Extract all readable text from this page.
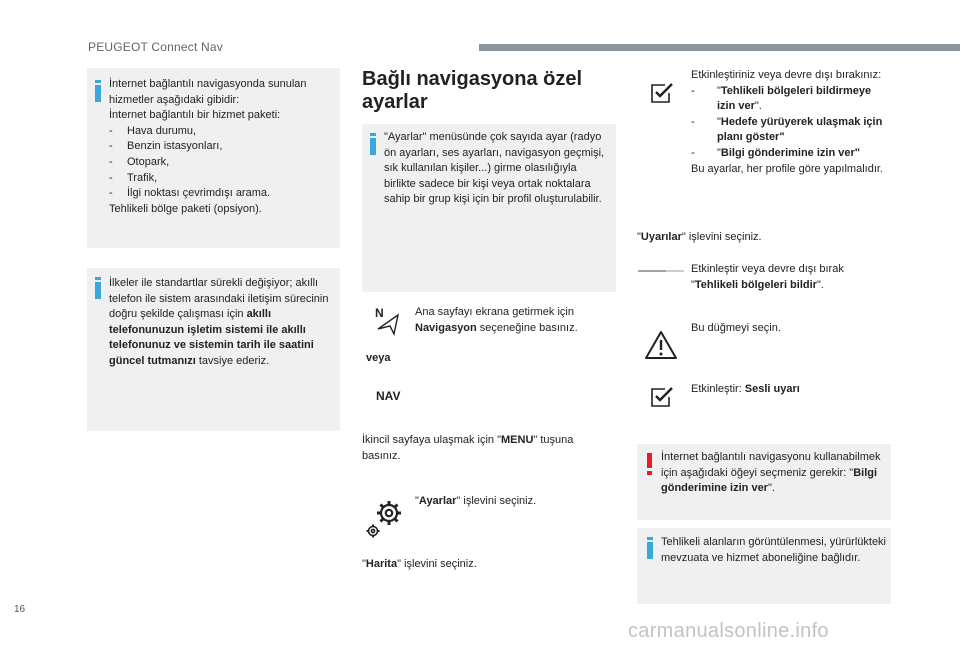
PEUGEOT Connect Nav
İnternet bağlantılı navigasyonda sunulan hizmetler aşağıdaki gibidir:
İnternet bağlantılı bir hizmet paketi:
- Hava durumu,
- Benzin istasyonları,
- Otopark,
- Trafik,
- İlgi noktası çevrimdışı arama.
Tehlikeli bölge paketi (opsiyon).
İlkeler ile standartlar sürekli değişiyor; akıllı telefon ile sistem arasındaki iletişim sürecinin doğru şekilde çalışması için akıllı telefonunuzun işletim sistemi ile akıllı telefonunuz ve sistemin tarih ile saatini güncel tutmanızı tavsiye ederiz.
Bağlı navigasyona özel ayarlar
"Ayarlar" menüsünde çok sayıda ayar (radyo ön ayarları, ses ayarları, navigasyon geçmişi, sık kullanılan kişiler...) girme olasılığıyla birlikte sadece bir kişi veya ortak noktalara sahip bir grup kişi için bir profil oluşturulabilir.
N	Ana sayfayı ekrana getirmek için Navigasyon seçeneğine basınız.
veya
NAV
İkincil sayfaya ulaşmak için "MENU" tuşuna basınız.
"Ayarlar" işlevini seçiniz.
"Harita" işlevini seçiniz.
Etkinleştiriniz veya devre dışı bırakınız:
- "Tehlikeli bölgeleri bildirmeye izin ver".
- "Hedefe yürüyerek ulaşmak için planı göster"
- "Bilgi gönderimine izin ver"
Bu ayarlar, her profile göre yapılmalıdır.
"Uyarılar" işlevini seçiniz.
Etkinleştir veya devre dışı bırak "Tehlikeli bölgeleri bildir".
Bu düğmeyi seçin.
Etkinleştir: Sesli uyarı
İnternet bağlantılı navigasyonu kullanabilmek için aşağıdaki öğeyi seçmeniz gerekir: "Bilgi gönderimine izin ver".
Tehlikeli alanların görüntülenmesi, yürürlükteki mevzuata ve hizmet aboneliğine bağlıdır.
16
carmanualsonline.info
